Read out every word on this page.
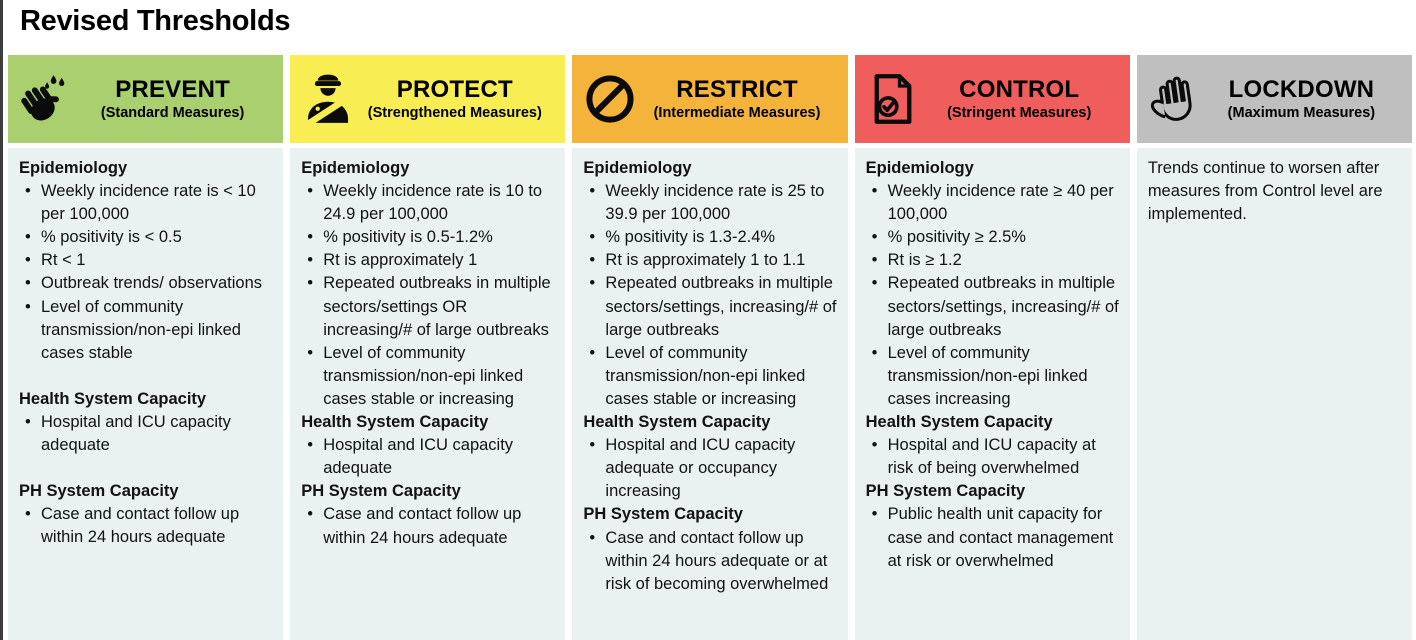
Revised Thresholds
PREVENT
(Standard Measures)
Epidemiology
• Weekly incidence rate is < 10 per 100,000
• % positivity is < 0.5
• Rt < 1
• Outbreak trends/ observations
• Level of community transmission/non-epi linked cases stable
Health System Capacity
• Hospital and ICU capacity adequate
PH System Capacity
• Case and contact follow up within 24 hours adequate
PROTECT
(Strengthened Measures)
Epidemiology
• Weekly incidence rate is 10 to 24.9 per 100,000
• % positivity is 0.5-1.2%
• Rt is approximately 1
• Repeated outbreaks in multiple sectors/settings OR increasing/# of large outbreaks
• Level of community transmission/non-epi linked cases stable or increasing
Health System Capacity
• Hospital and ICU capacity adequate
PH System Capacity
• Case and contact follow up within 24 hours adequate
RESTRICT
(Intermediate Measures)
Epidemiology
• Weekly incidence rate is 25 to 39.9 per 100,000
• % positivity is 1.3-2.4%
• Rt is approximately 1 to 1.1
• Repeated outbreaks in multiple sectors/settings, increasing/# of large outbreaks
• Level of community transmission/non-epi linked cases stable or increasing
Health System Capacity
• Hospital and ICU capacity adequate or occupancy increasing
PH System Capacity
• Case and contact follow up within 24 hours adequate or at risk of becoming overwhelmed
CONTROL
(Stringent Measures)
Epidemiology
• Weekly incidence rate ≥ 40 per 100,000
• % positivity ≥ 2.5%
• Rt is ≥ 1.2
• Repeated outbreaks in multiple sectors/settings, increasing/# of large outbreaks
• Level of community transmission/non-epi linked cases increasing
Health System Capacity
• Hospital and ICU capacity at risk of being overwhelmed
PH System Capacity
• Public health unit capacity for case and contact management at risk or overwhelmed
LOCKDOWN
(Maximum Measures)

Trends continue to worsen after measures from Control level are implemented.
